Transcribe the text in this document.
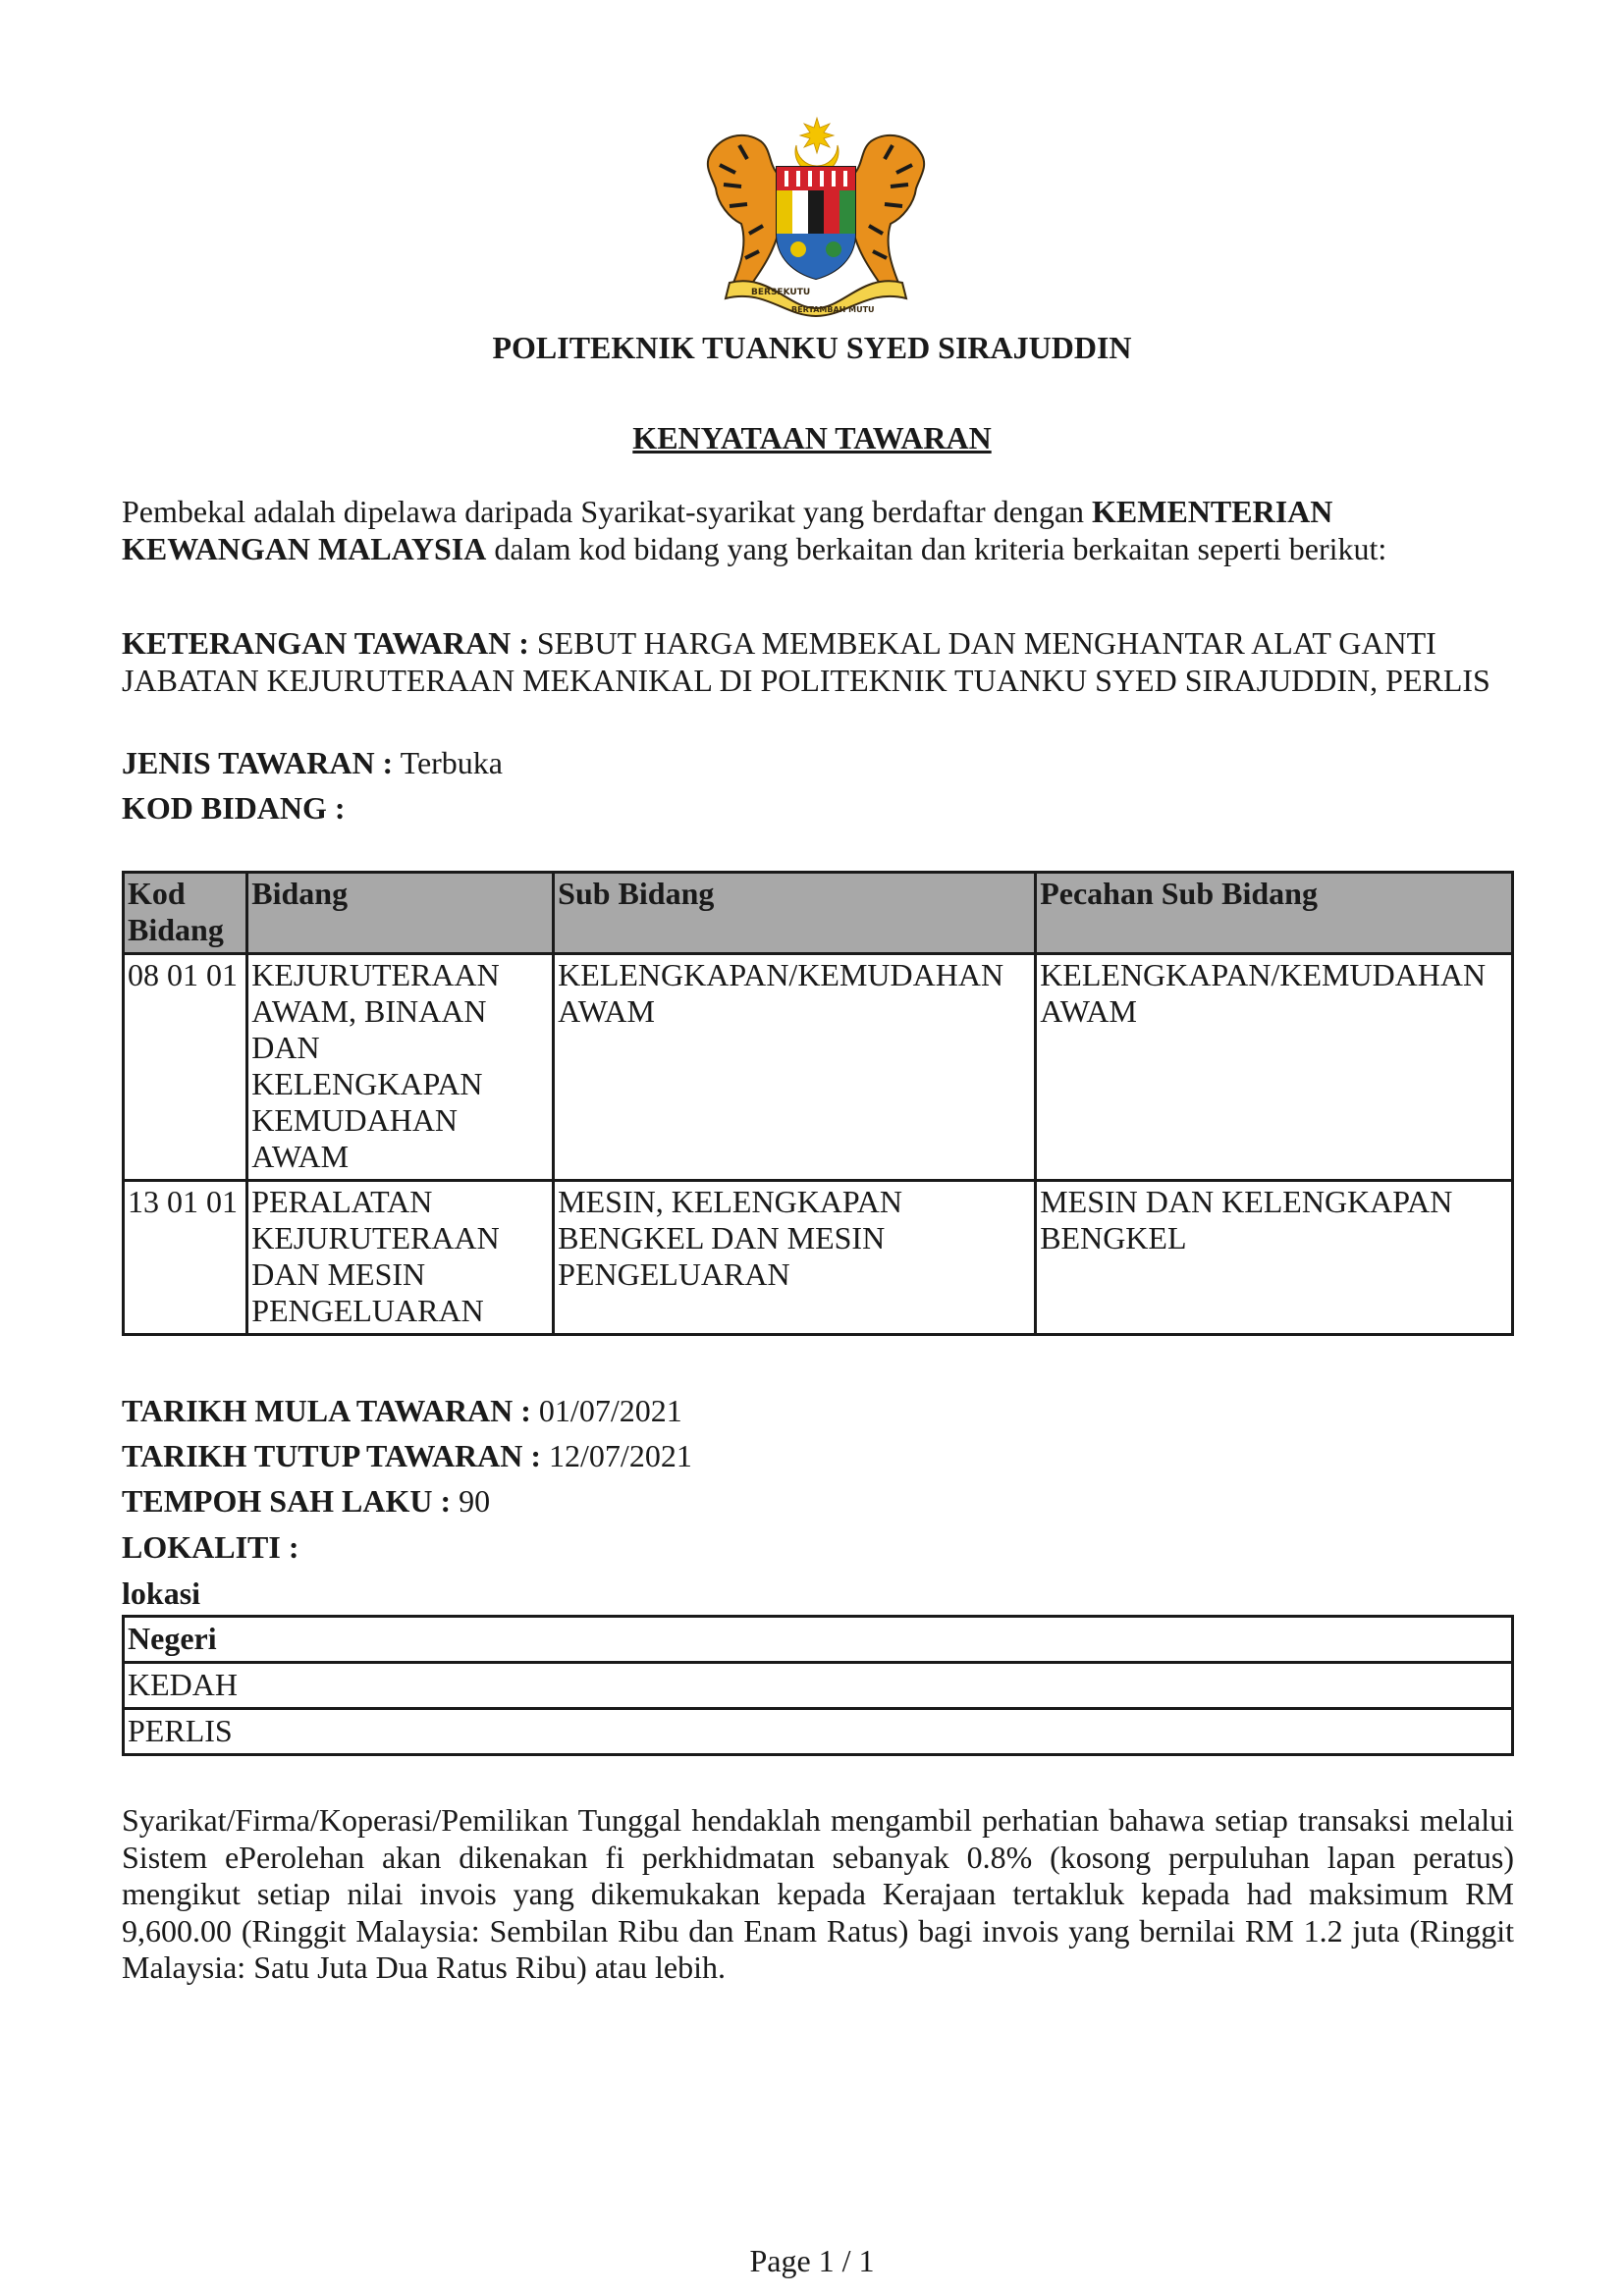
BERSEKUTU
BERTAMBAH MUTU
POLITEKNIK TUANKU SYED SIRAJUDDIN
KENYATAAN TAWARAN

Pembekal adalah dipelawa daripada Syarikat-syarikat yang berdaftar dengan KEMENTERIAN KEWANGAN MALAYSIA dalam kod bidang yang berkaitan dan kriteria berkaitan seperti berikut:

KETERANGAN TAWARAN : SEBUT HARGA MEMBEKAL DAN MENGHANTAR ALAT GANTI JABATAN KEJURUTERAAN MEKANIKAL DI POLITEKNIK TUANKU SYED SIRAJUDDIN, PERLIS

JENIS TAWARAN : Terbuka

KOD BIDANG :

Kod Bidang	Bidang	Sub Bidang	Pecahan Sub Bidang
08 01 01	KEJURUTERAAN AWAM, BINAAN DAN KELENGKAPAN KEMUDAHAN AWAM	KELENGKAPAN/KEMUDAHAN AWAM	KELENGKAPAN/KEMUDAHAN AWAM
13 01 01	PERALATAN KEJURUTERAAN DAN MESIN PENGELUARAN	MESIN, KELENGKAPAN BENGKEL DAN MESIN PENGELUARAN	MESIN DAN KELENGKAPAN BENGKEL

TARIKH MULA TAWARAN : 01/07/2021

TARIKH TUTUP TAWARAN : 12/07/2021

TEMPOH SAH LAKU : 90

LOKALITI :

lokasi
Negeri
KEDAH
PERLIS

Syarikat/Firma/Koperasi/Pemilikan Tunggal hendaklah mengambil perhatian bahawa setiap transaksi melalui Sistem ePerolehan akan dikenakan fi perkhidmatan sebanyak 0.8% (kosong perpuluhan lapan peratus) mengikut setiap nilai invois yang dikemukakan kepada Kerajaan tertakluk kepada had maksimum RM 9,600.00 (Ringgit Malaysia: Sembilan Ribu dan Enam Ratus) bagi invois yang bernilai RM 1.2 juta (Ringgit Malaysia: Satu Juta Dua Ratus Ribu) atau lebih.

Page 1 / 1
